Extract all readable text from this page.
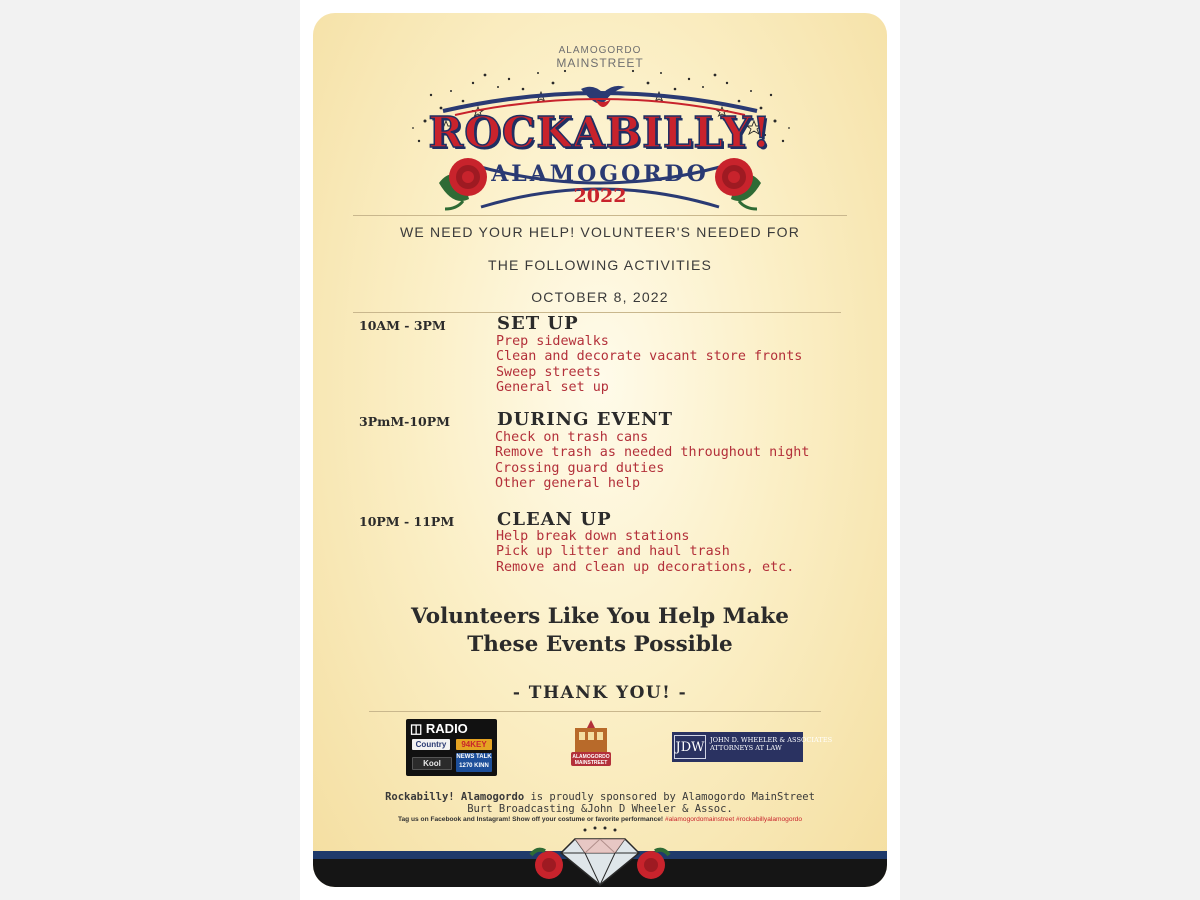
ALAMOGORDO
MAINSTREET
ROCKABILLY!
ALAMOGORDO
2022
WE NEED YOUR HELP! VOLUNTEER'S NEEDED FOR
THE FOLLOWING ACTIVITIES
OCTOBER 8, 2022
10AM - 3PM	SET UP
Prep sidewalks
Clean and decorate vacant store fronts
Sweep streets
General set up
3PmM-10PM	DURING EVENT
Check on trash cans
Remove trash as needed throughout night
Crossing guard duties
Other general help
10PM - 11PM CLEAN UP
Help break down stations
Pick up litter and haul trash
Remove and clean up decorations, etc.
Volunteers Like You Help Make
These Events Possible
- THANK YOU! -
◫ RADIO
Country	94KEY
Kool
NEWS TALK
1270 KINN
ALAMOGORDO
MAINSTREET
JDW JOHN D. WHEELER & ASSOCIATES
ATTORNEYS AT LAW
Rockabilly! Alamogordo is proudly sponsored by Alamogordo MainStreet
Burt Broadcasting &John D Wheeler & Assoc.
Tag us on Facebook and Instagram! Show off your costume or favorite performance! #alamogordomainstreet #rockabillyalamogordo
